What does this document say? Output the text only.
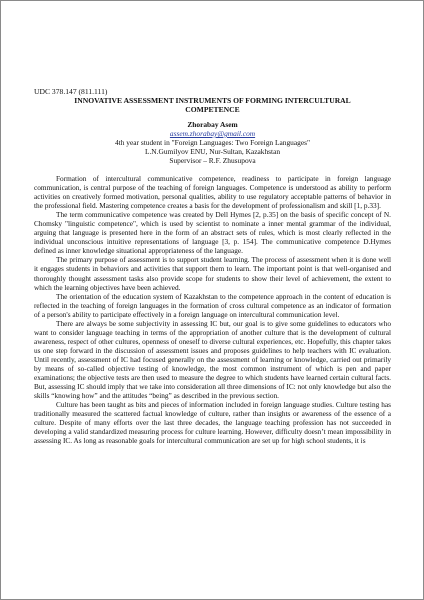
UDC 378.147 (811.111)

INNOVATIVE ASSESSMENT INSTRUMENTS OF FORMING INTERCULTURAL
COMPETENCE

Zhorabay Asem

assem.zhorabay@gmail.com

4th year student in "Foreign Languages: Two Foreign Languages"

L.N.Gumilyov ENU, Nur-Sultan, Kazakhstan

Supervisor – R.F. Zhusupova

Formation of intercultural communicative competence, readiness to participate in foreign language communication, is central purpose of the teaching of foreign languages. Competence is understood as ability to perform activities on creatively formed motivation, personal qualities, ability to use regulatory acceptable patterns of behavior in the professional field. Mastering competence creates a basis for the development of professionalism and skill [1, p.33].

The term communicative competence was created by Dell Hymes [2, p.35] on the basis of specific concept of N. Chomsky "linguistic competence", which is used by scientist to nominate a inner mental grammar of the individual, arguing that language is presented here in the form of an abstract sets of rules, which is most clearly reflected in the individual unconscious intuitive representations of language [3, p. 154]. The communicative competence D.Hymes defined as inner knowledge situational appropriateness of the language.

The primary purpose of assessment is to support student learning. The process of assessment when it is done well it engages students in behaviors and activities that support them to learn. The important point is that well-organised and thoroughly thought assessment tasks also provide scope for students to show their level of achievement, the extent to which the learning objectives have been achieved.

The orientation of the education system of Kazakhstan to the competence approach in the content of education is reflected in the teaching of foreign languages in the formation of cross cultural competence as an indicator of formation of a person's ability to participate effectively in a foreign language on intercultural communication level.

There are always be some subjectivity in assessing IC but, our goal is to give some guidelines to educators who want to consider language teaching in terms of the appropriation of another culture that is the development of cultural awareness, respect of other cultures, openness of oneself to diverse cultural experiences, etc. Hopefully, this chapter takes us one step forward in the discussion of assessment issues and proposes guidelines to help teachers with IC evaluation. Until recently, assessment of IC had focused generally on the assessment of learning or knowledge, carried out primarily by means of so-called objective testing of knowledge, the most common instrument of which is pen and paper examinations; the objective tests are then used to measure the degree to which students have learned certain cultural facts. But, assessing IC should imply that we take into consideration all three dimensions of IC: not only knowledge but also the skills “knowing how” and the attitudes “being” as described in the previous section.

Culture has been taught as bits and pieces of information included in foreign language studies. Culture testing has traditionally measured the scattered factual knowledge of culture, rather than insights or awareness of the essence of a culture. Despite of many efforts over the last three decades, the language teaching profession has not succeeded in developing a valid standardized measuring process for culture learning. However, difficulty doesn’t mean impossibility in assessing IC. As long as reasonable goals for intercultural communication are set up for high school students, it is
